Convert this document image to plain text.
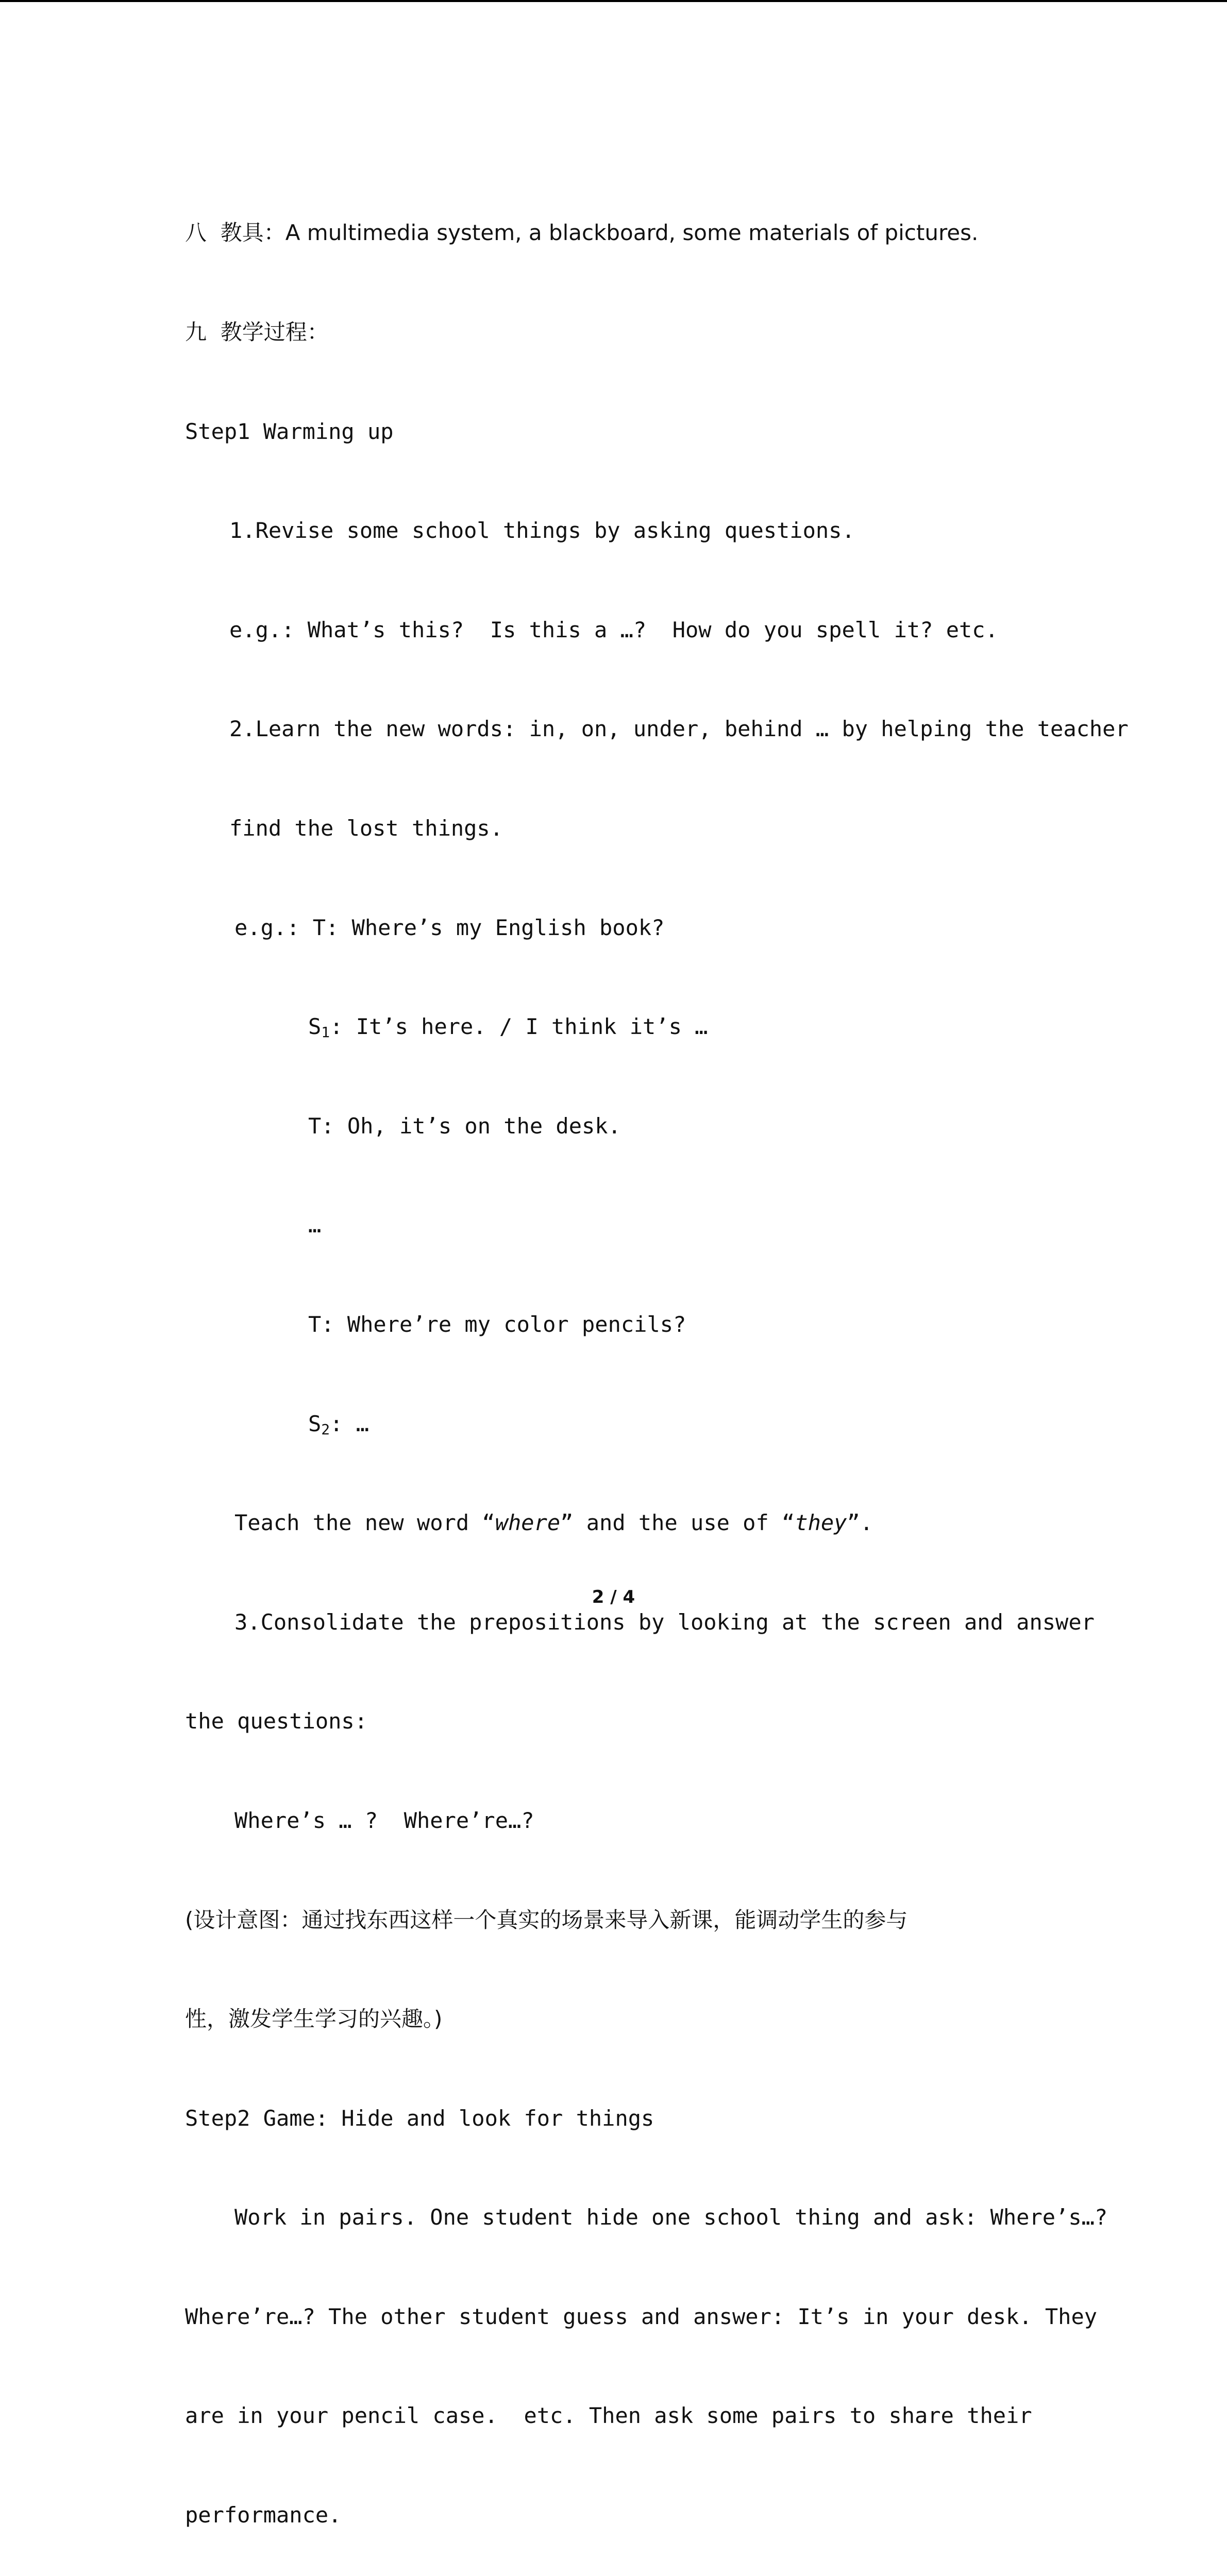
八  教具：A multimedia system, a blackboard, some materials of pictures.

九  教学过程：

Step1 Warming up

1.Revise some school things by asking questions.

e.g.: What’s this?  Is this a …?  How do you spell it? etc.

2.Learn the new words: in, on, under, behind … by helping the teacher

find the lost things.

e.g.: T: Where’s my English book?

$S_1$: It’s here. / I think it’s …

T: Oh, it’s on the desk.

…

T: Where’re my color pencils?

$S_2$: …

Teach the new word “where” and the use of “they”.

3.Consolidate the prepositions by looking at the screen and answer

the questions:

Where’s … ?  Where’re…?

(设计意图：通过找东西这样一个真实的场景来导入新课，能调动学生的参与

性，激发学生学习的兴趣。)

Step2 Game: Hide and look for things

Work in pairs. One student hide one school thing and ask: Where’s…?

Where’re…? The other student guess and answer: It’s in your desk. They

are in your pencil case.  etc. Then ask some pairs to share their

performance.

2 / 4
